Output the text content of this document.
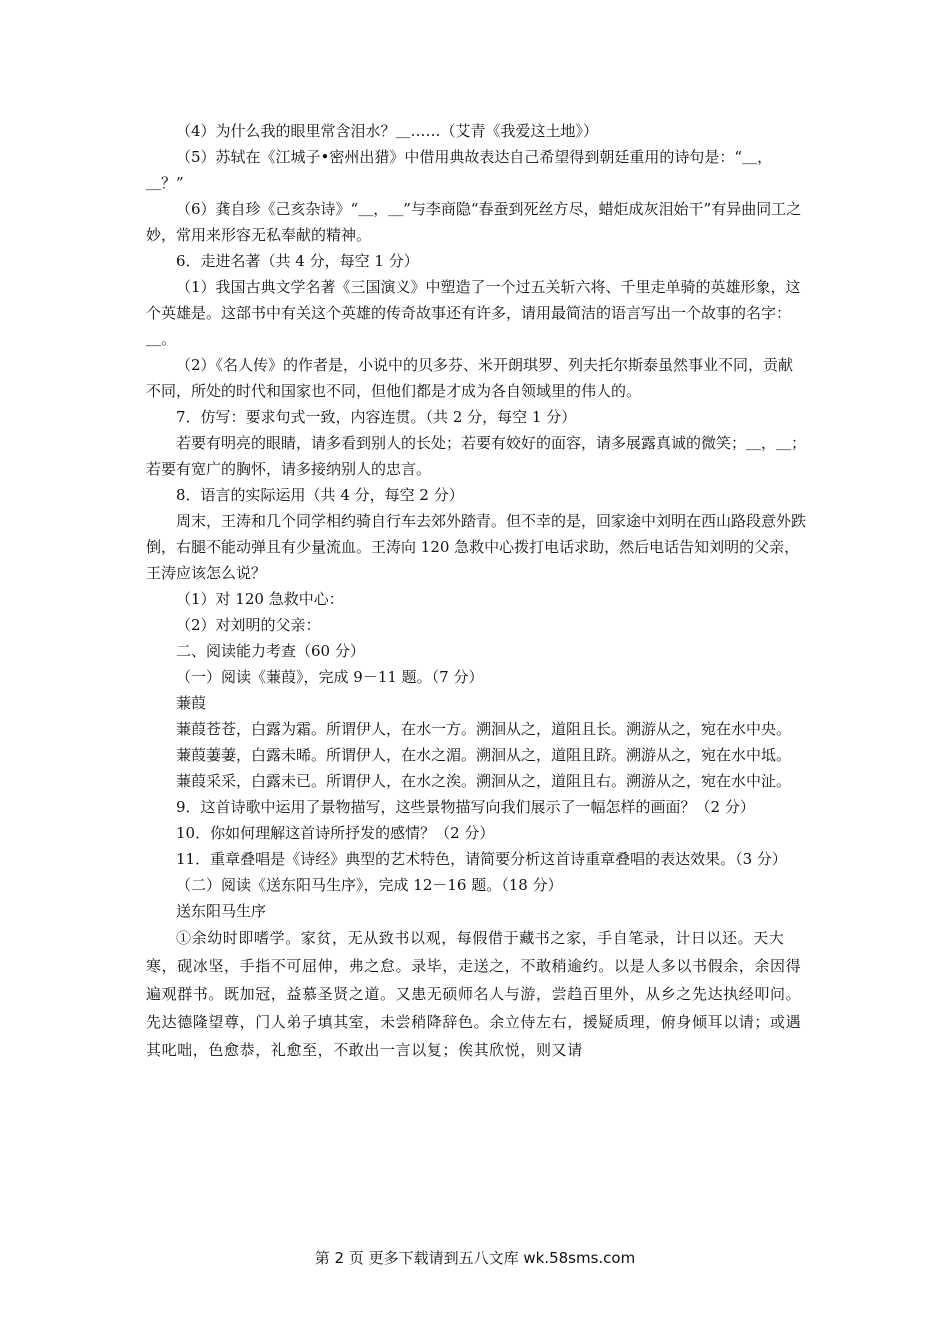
（4）为什么我的眼里常含泪水？＿……（艾青《我爱这土地》）

（5）苏轼在《江城子•密州出猎》中借用典故表达自己希望得到朝廷重用的诗句是：“＿，＿？”

（6）龚自珍《己亥杂诗》“＿，＿”与李商隐“春蚕到死丝方尽，蜡炬成灰泪始干”有异曲同工之妙，常用来形容无私奉献的精神。

6．走进名著（共 4 分，每空 1 分）

（1）我国古典文学名著《三国演义》中塑造了一个过五关斩六将、千里走单骑的英雄形象，这个英雄是。这部书中有关这个英雄的传奇故事还有许多，请用最简洁的语言写出一个故事的名字：＿。

（2）《名人传》的作者是，小说中的贝多芬、米开朗琪罗、列夫托尔斯泰虽然事业不同，贡献不同，所处的时代和国家也不同，但他们都是才成为各自领域里的伟人的。

7．仿写：要求句式一致，内容连贯。（共 2 分，每空 1 分）

若要有明亮的眼睛，请多看到别人的长处；若要有姣好的面容，请多展露真诚的微笑；＿，＿；若要有宽广的胸怀，请多接纳别人的忠言。

8．语言的实际运用（共 4 分，每空 2 分）

周末，王涛和几个同学相约骑自行车去郊外踏青。但不幸的是，回家途中刘明在西山路段意外跌倒，右腿不能动弹且有少量流血。王涛向 120 急救中心拨打电话求助，然后电话告知刘明的父亲，王涛应该怎么说？

（1）对 120 急救中心：

（2）对刘明的父亲：

二、阅读能力考查（60 分）

（一）阅读《蒹葭》，完成 9－11 题。（7 分）

蒹葭

蒹葭苍苍，白露为霜。所谓伊人，在水一方。溯洄从之，道阻且长。溯游从之，宛在水中央。

蒹葭萋萋，白露未晞。所谓伊人，在水之湄。溯洄从之，道阻且跻。溯游从之，宛在水中坻。

蒹葭采采，白露未已。所谓伊人，在水之涘。溯洄从之，道阻且右。溯游从之，宛在水中沚。

9．这首诗歌中运用了景物描写，这些景物描写向我们展示了一幅怎样的画面？（2 分）

10．你如何理解这首诗所抒发的感情？（2 分）

11．重章叠唱是《诗经》典型的艺术特色，请简要分析这首诗重章叠唱的表达效果。（3 分）

（二）阅读《送东阳马生序》，完成 12－16 题。（18 分）

送东阳马生序

①余幼时即嗜学。家贫，无从致书以观，每假借于藏书之家，手自笔录，计日以还。天大寒，砚冰坚，手指不可屈伸，弗之怠。录毕，走送之，不敢稍逾约。以是人多以书假余，余因得遍观群书。既加冠，益慕圣贤之道。又患无硕师名人与游，尝趋百里外，从乡之先达执经叩问。先达德隆望尊，门人弟子填其室，未尝稍降辞色。余立侍左右，援疑质理，俯身倾耳以请；或遇其叱咄，色愈恭，礼愈至，不敢出一言以复；俟其欣悦，则又请

第 2 页 更多下载请到五八文库 wk.58sms.com
